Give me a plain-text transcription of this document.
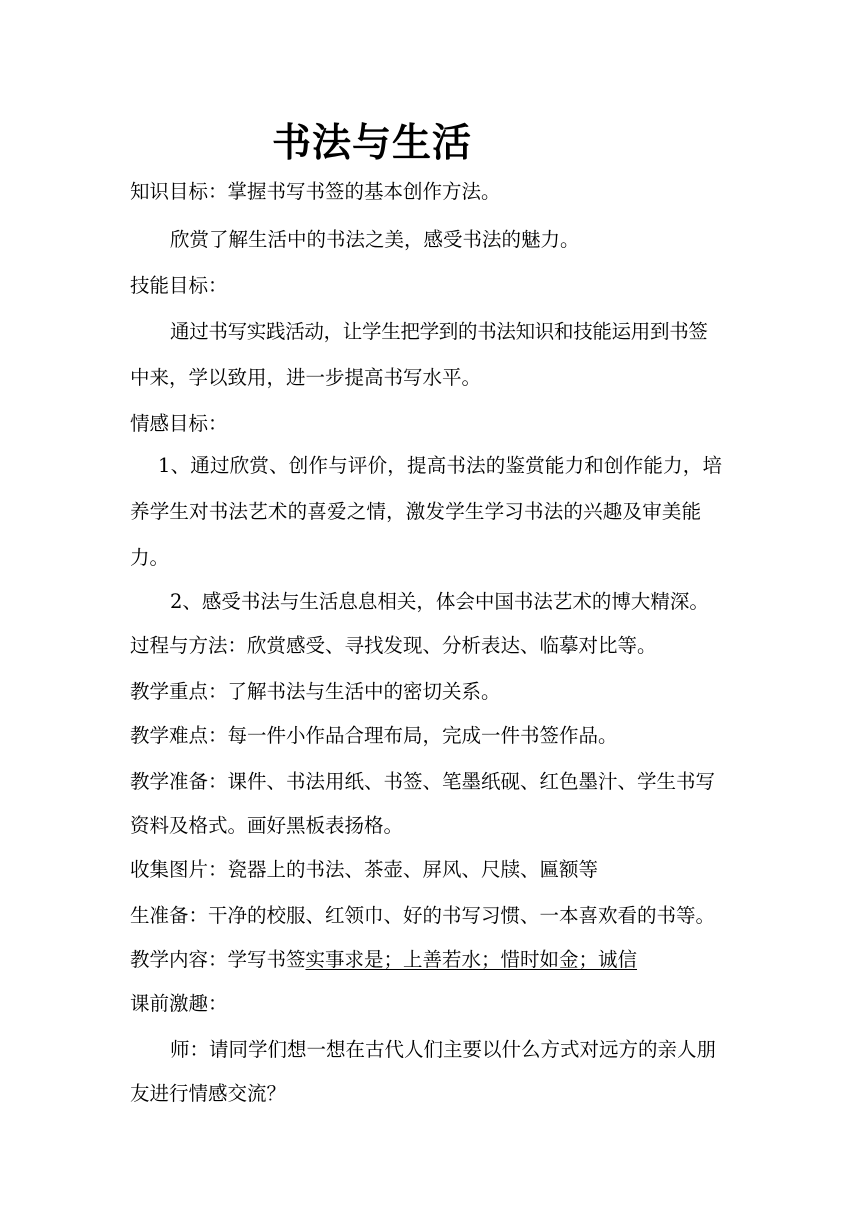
书法与生活
知识目标：掌握书写书签的基本创作方法。
欣赏了解生活中的书法之美，感受书法的魅力。
技能目标：
通过书写实践活动，让学生把学到的书法知识和技能运用到书签
中来，学以致用，进一步提高书写水平。
情感目标：
1、通过欣赏、创作与评价，提高书法的鉴赏能力和创作能力，培
养学生对书法艺术的喜爱之情，激发学生学习书法的兴趣及审美能
力。
2、感受书法与生活息息相关，体会中国书法艺术的博大精深。
过程与方法：欣赏感受、寻找发现、分析表达、临摹对比等。
教学重点：了解书法与生活中的密切关系。
教学难点：每一件小作品合理布局，完成一件书签作品。
教学准备：课件、书法用纸、书签、笔墨纸砚、红色墨汁、学生书写
资料及格式。画好黑板表扬格。
收集图片：瓷器上的书法、茶壶、屏风、尺牍、匾额等
生准备：干净的校服、红领巾、好的书写习惯、一本喜欢看的书等。
教学内容：学写书签实事求是；上善若水；惜时如金；诚信
课前激趣：
师：请同学们想一想在古代人们主要以什么方式对远方的亲人朋
友进行情感交流？
